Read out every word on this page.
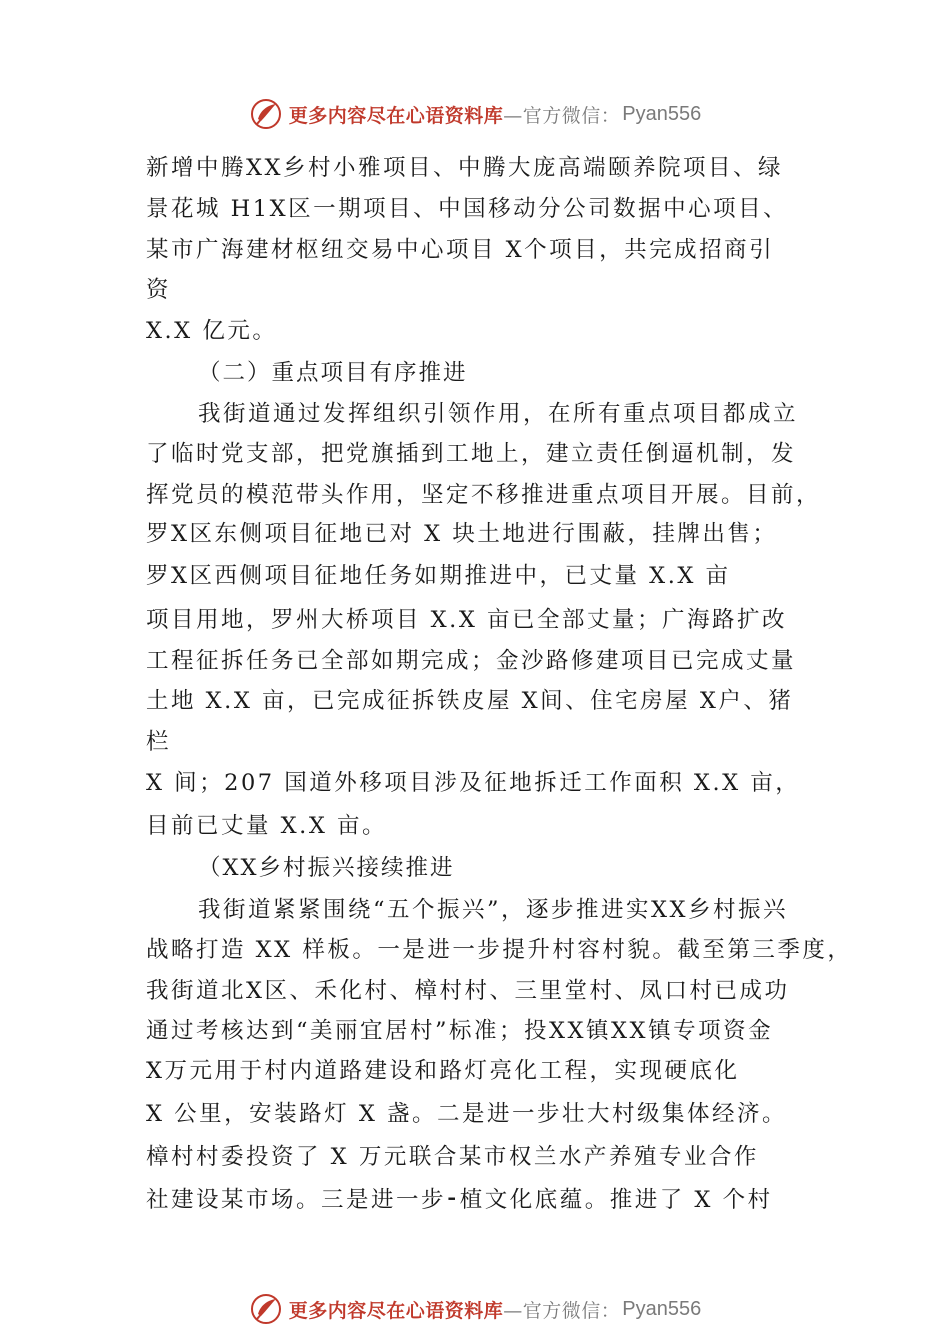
更多内容尽在心语资料库 —官方微信： Pyan556
新增中腾XX乡村小雅项目、中腾大庞高端颐养院项目、绿
景花城 H1X区一期项目、中国移动分公司数据中心项目、
某市广海建材枢纽交易中心项目 X个项目，共完成招商引
资
X.X 亿元。
（二）重点项目有序推进
我街道通过发挥组织引领作用，在所有重点项目都成立
了临时党支部，把党旗插到工地上，建立责任倒逼机制，发
挥党员的模范带头作用，坚定不移推进重点项目开展。目前，
罗X区东侧项目征地已对 X 块土地进行围蔽，挂牌出售；
罗X区西侧项目征地任务如期推进中，已丈量 X.X 亩
项目用地，罗州大桥项目 X.X 亩已全部丈量；广海路扩改
工程征拆任务已全部如期完成；金沙路修建项目已完成丈量
土地 X.X 亩，已完成征拆铁皮屋 X间、住宅房屋 X户、猪
栏
X 间；207 国道外移项目涉及征地拆迁工作面积 X.X 亩，
目前已丈量 X.X 亩。
（XX乡村振兴接续推进
我街道紧紧围绕“五个振兴”，逐步推进实XX乡村振兴
战略打造 XX 样板。一是进一步提升村容村貌。截至第三季度，
我街道北X区、禾化村、樟村村、三里堂村、凤口村已成功
通过考核达到“美丽宜居村”标准；投XX镇XX镇专项资金
X万元用于村内道路建设和路灯亮化工程，实现硬底化
X 公里，安装路灯 X 盏。二是进一步壮大村级集体经济。
樟村村委投资了 X 万元联合某市权兰水产养殖专业合作
社建设某市场。三是进一步⁃植文化底蕴。推进了 X 个村
更多内容尽在心语资料库 —官方微信： Pyan556
